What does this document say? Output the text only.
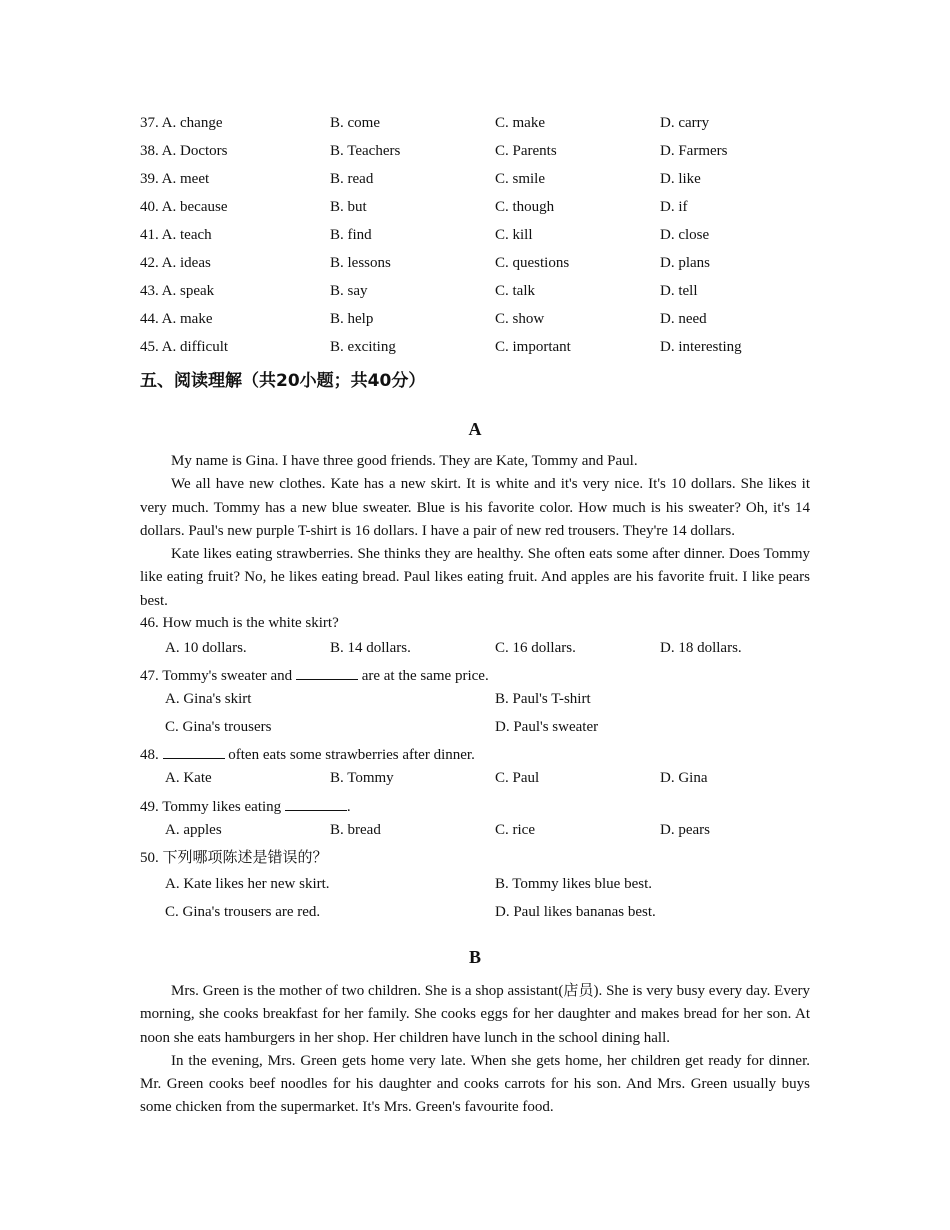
37. A. change	B. come	C. make	D. carry
38. A. Doctors	B. Teachers	C. Parents	D. Farmers
39. A. meet	B. read	C. smile	D. like
40. A. because	B. but	C. though	D. if
41. A. teach	B. find	C. kill	D. close
42. A. ideas	B. lessons	C. questions	D. plans
43. A. speak	B. say	C. talk	D. tell
44. A. make	B. help	C. show	D. need
45. A. difficult	B. exciting	C. important	D. interesting
五、阅读理解（共20小题；共40分）
A

My name is Gina. I have three good friends. They are Kate, Tommy and Paul.

We all have new clothes. Kate has a new skirt. It is white and it's very nice. It's 10 dollars. She likes it very much. Tommy has a new blue sweater. Blue is his favorite color. How much is his sweater? Oh, it's 14 dollars. Paul's new purple T-shirt is 16 dollars. I have a pair of new red trousers. They're 14 dollars.

Kate likes eating strawberries. She thinks they are healthy. She often eats some after dinner. Does Tommy like eating fruit? No, he likes eating bread. Paul likes eating fruit. And apples are his favorite fruit. I like pears best.

46. How much is the white skirt?
A. 10 dollars.	B. 14 dollars.	C. 16 dollars.	D. 18 dollars.
47. Tommy's sweater and	are at the same price.
A. Gina's skirt	B. Paul's T-shirt
C. Gina's trousers	D. Paul's sweater
48.	often eats some strawberries after dinner.
A. Kate	B. Tommy	C. Paul	D. Gina
49. Tommy likes eating	.
A. apples	B. bread	C. rice	D. pears
50. 下列哪项陈述是错误的？
A. Kate likes her new skirt.	B. Tommy likes blue best.
C. Gina's trousers are red.	D. Paul likes bananas best.
B

Mrs. Green is the mother of two children. She is a shop assistant(店员). She is very busy every day. Every morning, she cooks breakfast for her family. She cooks eggs for her daughter and makes bread for her son. At noon she eats hamburgers in her shop. Her children have lunch in the school dining hall.

In the evening, Mrs. Green gets home very late. When she gets home, her children get ready for dinner. Mr. Green cooks beef noodles for his daughter and cooks carrots for his son. And Mrs. Green usually buys some chicken from the supermarket. It's Mrs. Green's favourite food.
